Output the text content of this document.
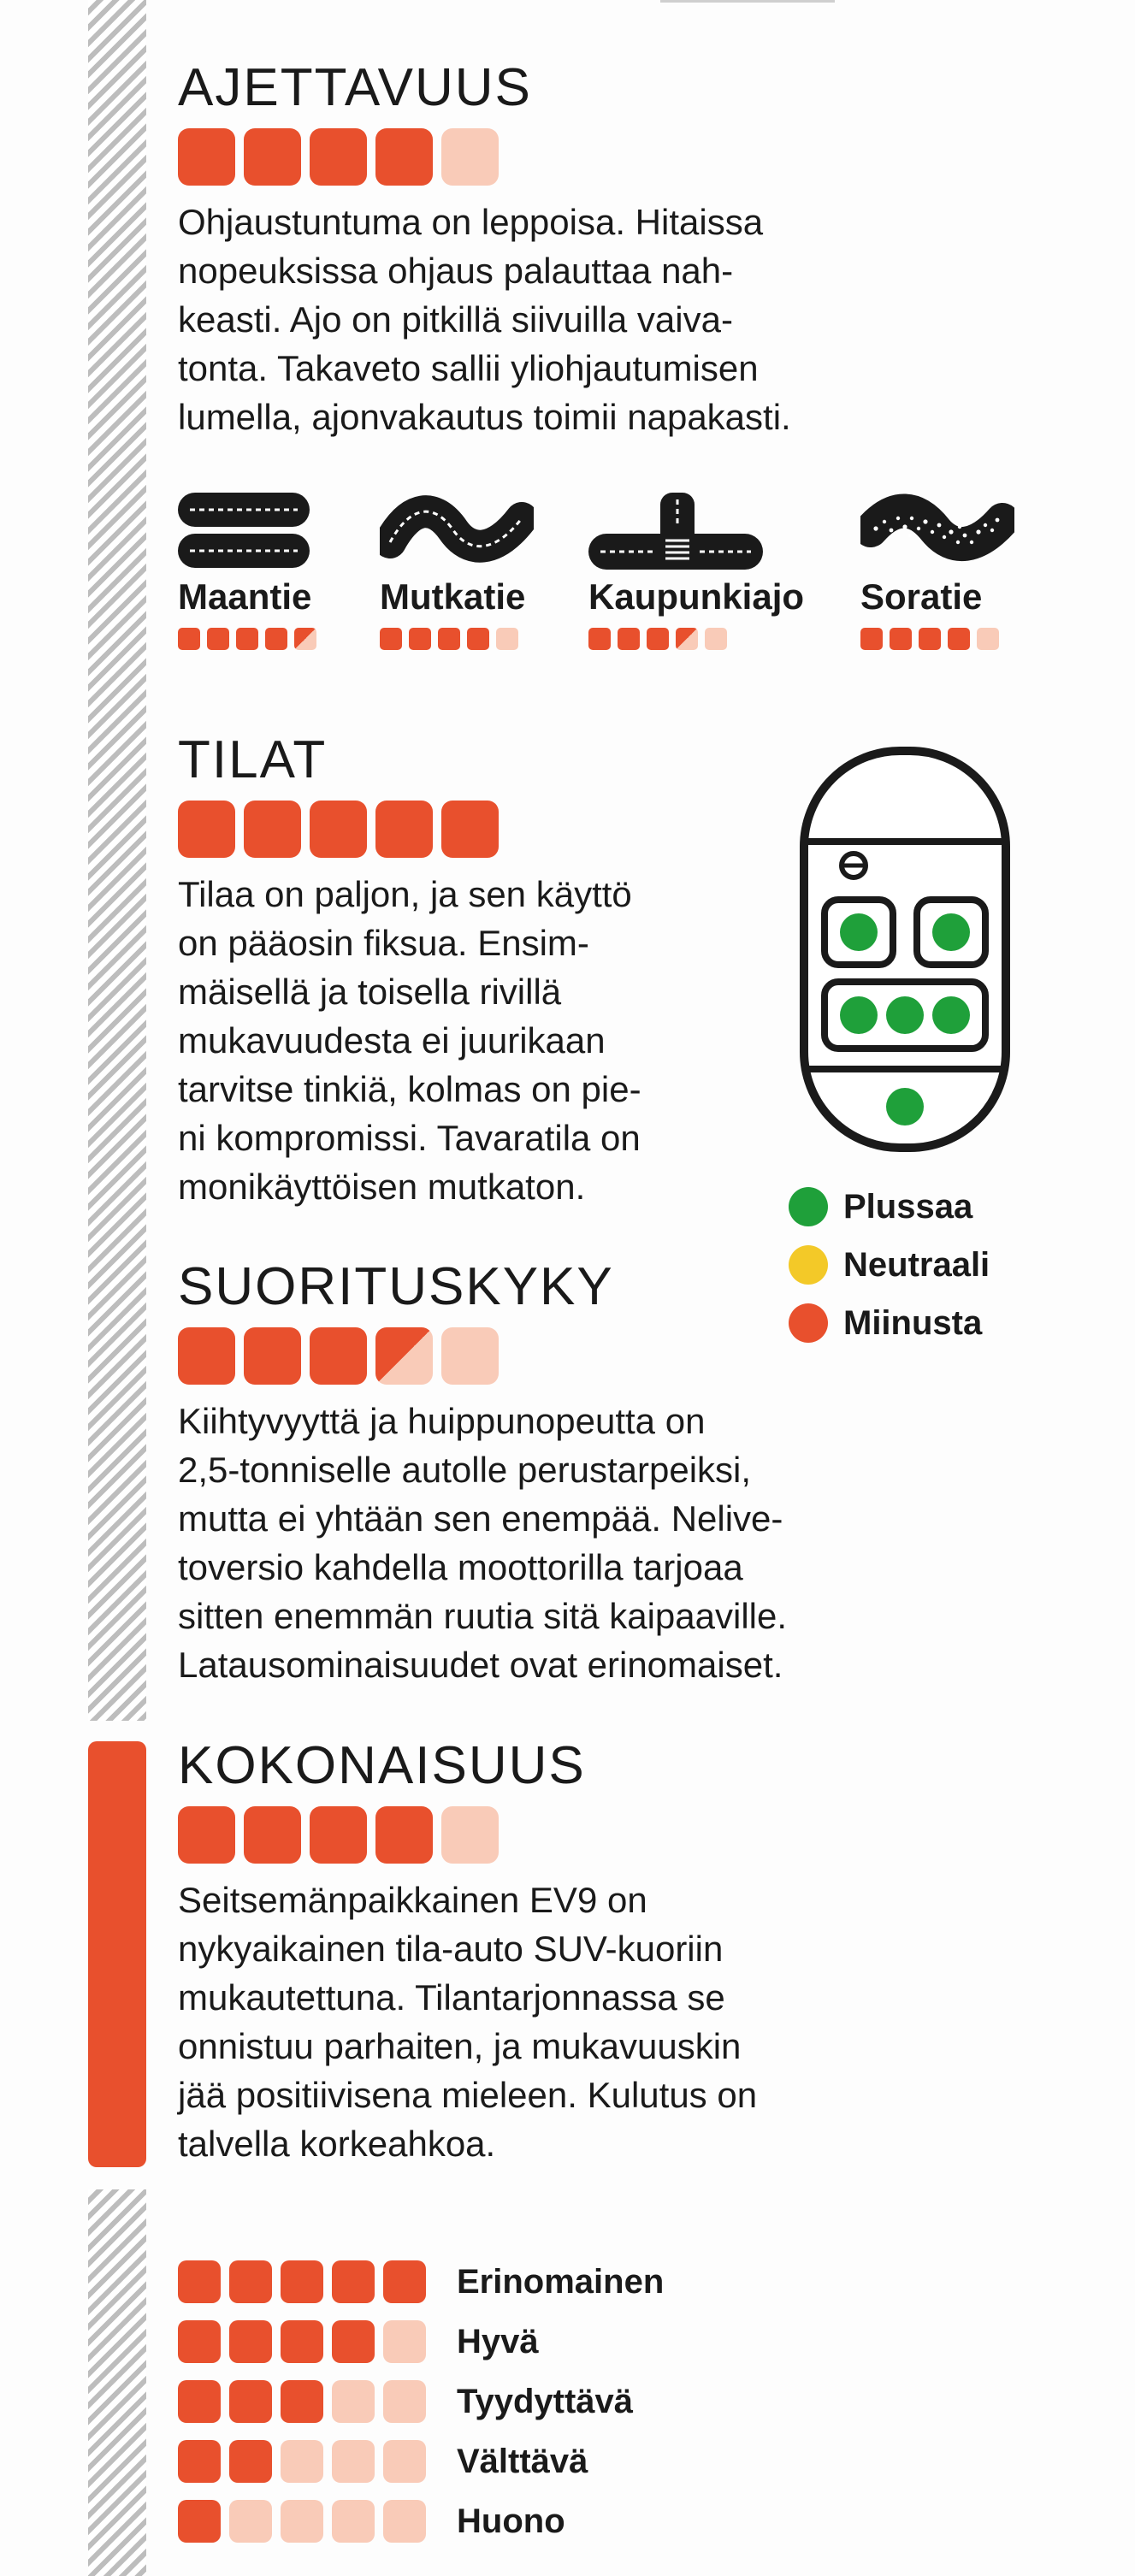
AJETTAVUUS
Ohjaustuntuma on leppoisa. Hitaissa
nopeuksissa ohjaus palauttaa nah-
keasti. Ajo on pitkillä siivuilla vaiva-
tonta. Takaveto sallii yliohjautumisen
lumella, ajonvakautus toimii napakasti.
Maantie Mutkatie Kaupunkiajo Soratie
TILAT
Tilaa on paljon, ja sen käyttö
on pääosin fiksua. Ensim-
mäisellä ja toisella rivillä
mukavuudesta ei juurikaan
tarvitse tinkiä, kolmas on pie-
ni kompromissi. Tavaratila on
monikäyttöisen mutkaton.	Plussaa
Neutraali
Miinusta
SUORITUSKYKY
Kiihtyvyyttä ja huippunopeutta on
2,5-tonniselle autolle perustarpeiksi,
mutta ei yhtään sen enempää. Nelive-
toversio kahdella moottorilla tarjoaa
sitten enemmän ruutia sitä kaipaaville.
Latausominaisuudet ovat erinomaiset.
KOKONAISUUS
Seitsemänpaikkainen EV9 on
nykyaikainen tila-auto SUV-kuoriin
mukautettuna. Tilantarjonnassa se
onnistuu parhaiten, ja mukavuuskin
jää positiivisena mieleen. Kulutus on
talvella korkeahkoa.
Erinomainen
Hyvä
Tyydyttävä
Välttävä
Huono
